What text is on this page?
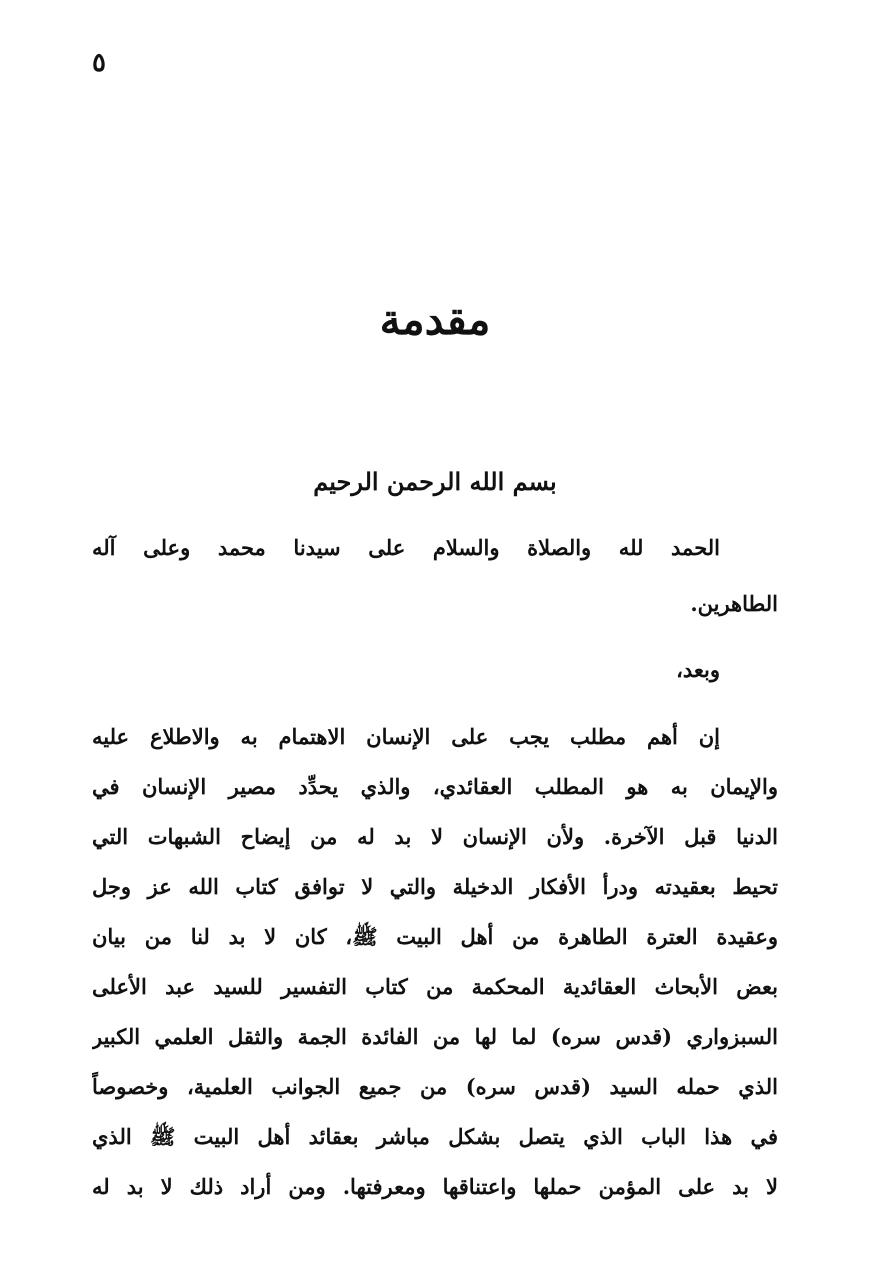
٥
مقدمة
بسم الله الرحمن الرحيم
الحمد لله والصلاة والسلام على سيدنا محمد وعلى آله
الطاهرين.
وبعد،
إن أهم مطلب يجب على الإنسان الاهتمام به والاطلاع عليه
والإيمان به هو المطلب العقائدي، والذي يحدِّد مصير الإنسان في
الدنيا قبل الآخرة. ولأن الإنسان لا بد له من إيضاح الشبهات التي
تحيط بعقيدته ودرأ الأفكار الدخيلة والتي لا توافق كتاب الله عز وجل
وعقيدة العترة الطاهرة من أهل البيت ﷺ، كان لا بد لنا من بيان
بعض الأبحاث العقائدية المحكمة من كتاب التفسير للسيد عبد الأعلى
السبزواري (قدس سره) لما لها من الفائدة الجمة والثقل العلمي الكبير
الذي حمله السيد (قدس سره) من جميع الجوانب العلمية، وخصوصاً
في هذا الباب الذي يتصل بشكل مباشر بعقائد أهل البيت ﷺ الذي
لا بد على المؤمن حملها واعتناقها ومعرفتها. ومن أراد ذلك لا بد له
